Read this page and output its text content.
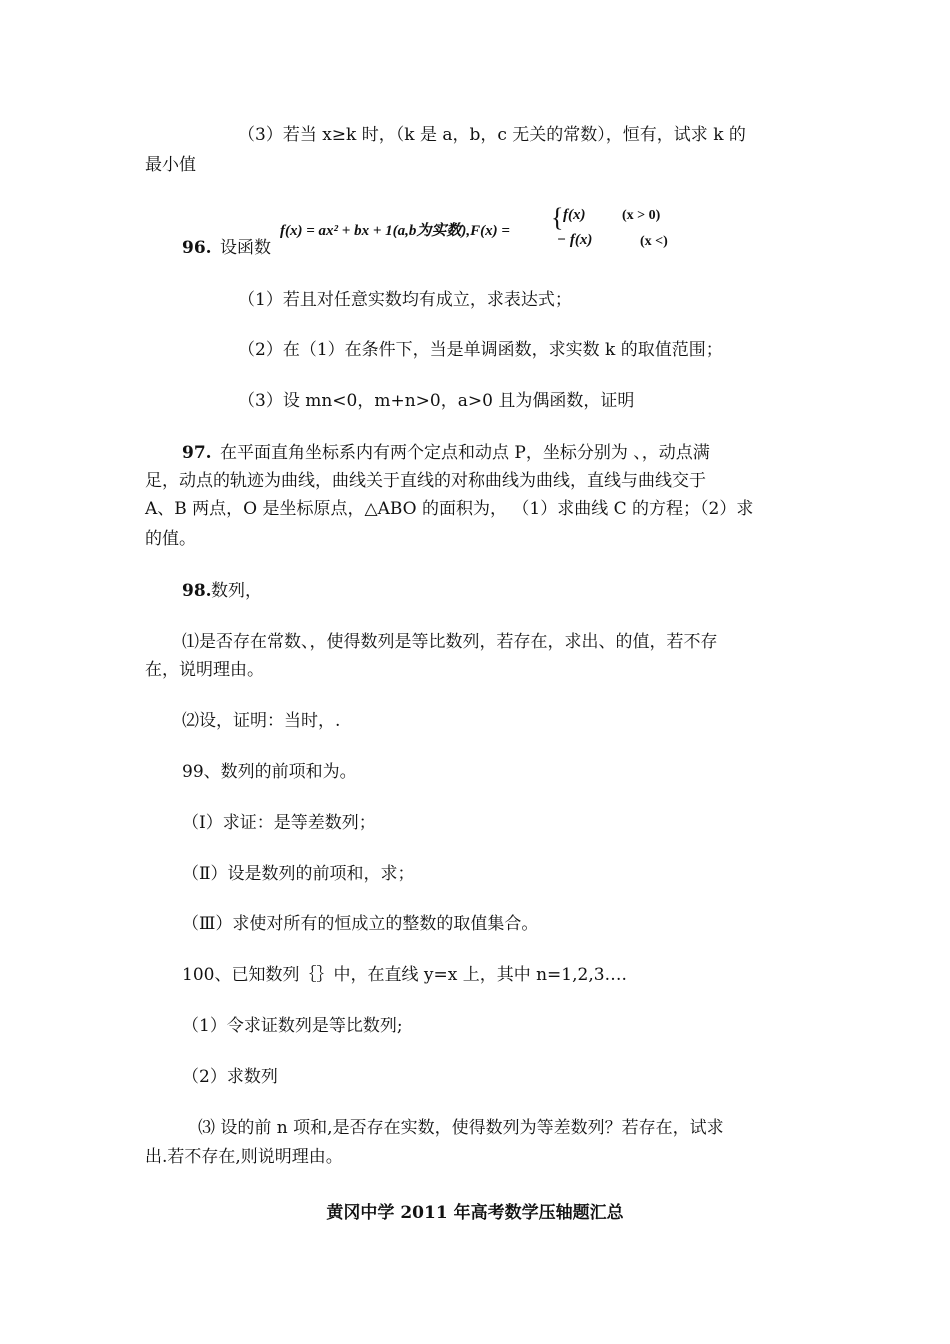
（3）若当 x≥k 时，（k 是 a，b，c 无关的常数），恒有，试求 k 的
最小值
96. 设函数
f(x) = ax² + bx + 1(a,b为实数),F(x) = { f(x)	(x > 0)
− f(x)	(x <)
（1）若且对任意实数均有成立，求表达式；
（2）在（1）在条件下，当是单调函数，求实数 k 的取值范围；
（3）设 mn<0，m+n>0，a>0 且为偶函数，证明
97. 在平面直角坐标系内有两个定点和动点 P，坐标分别为 、，动点满
足，动点的轨迹为曲线，曲线关于直线的对称曲线为曲线，直线与曲线交于
A、B 两点，O 是坐标原点，△ABO 的面积为， （1）求曲线 C 的方程；（2）求
的值。
98. 数列，
⑴是否存在常数、，使得数列是等比数列，若存在，求出、的值，若不存
在，说明理由。
⑵设，证明：当时，.
99、数列的前项和为。
（Ⅰ）求证：是等差数列；
（Ⅱ）设是数列的前项和，求；
（Ⅲ）求使对所有的恒成立的整数的取值集合。
100、已知数列｛｝中，在直线 y=x 上，其中 n=1,2,3….
（1）令求证数列是等比数列;
（2）求数列
⑶ 设的前 n 项和,是否存在实数，使得数列为等差数列？若存在，试求
出.若不存在,则说明理由。
黄冈中学 2011 年高考数学压轴题汇总
